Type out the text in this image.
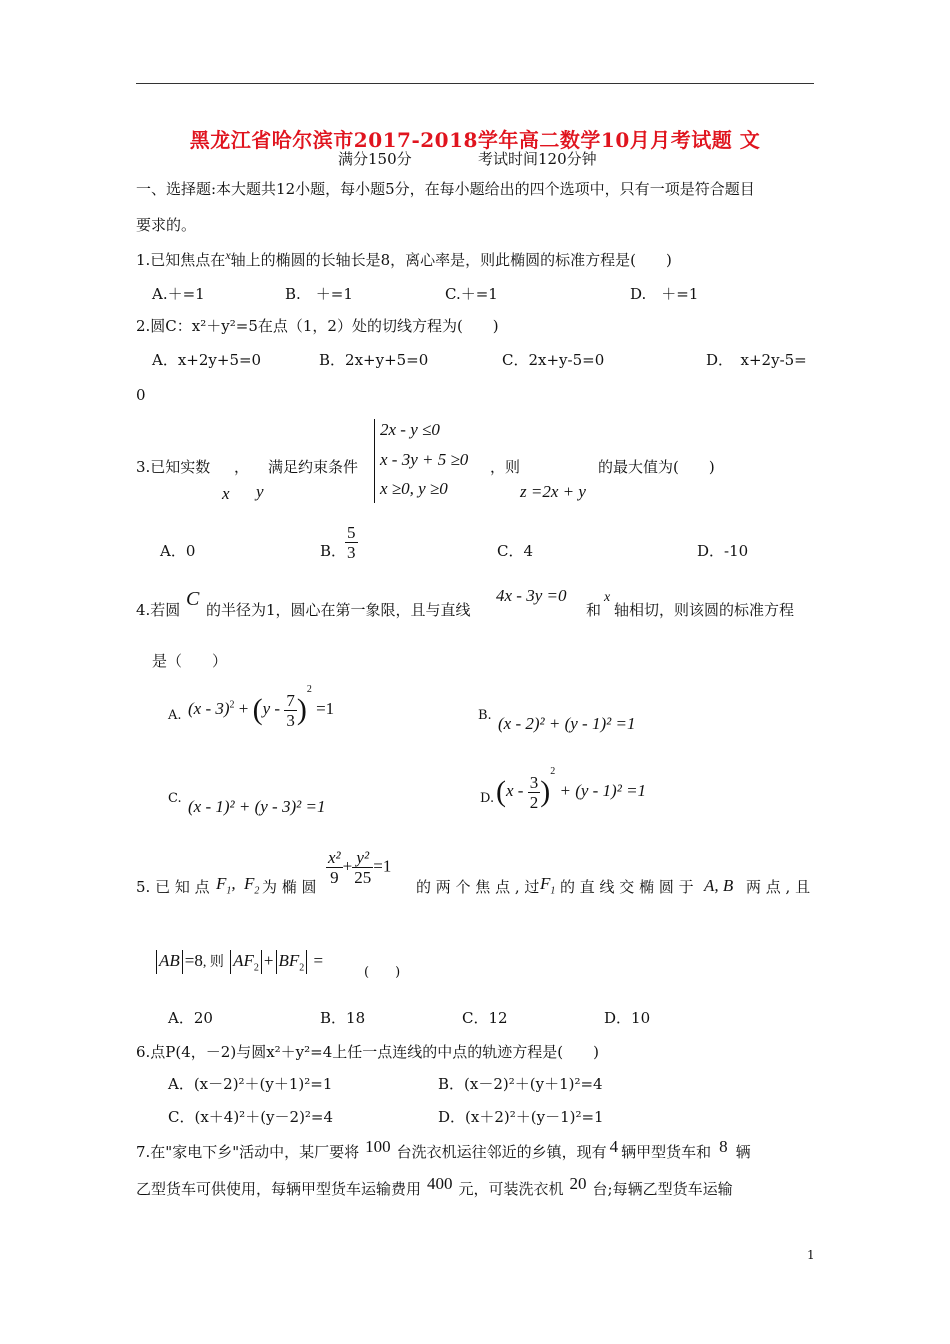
黑龙江省哈尔滨市2017-2018学年高二数学10月月考试题 文
满分150分	考试时间120分钟
一、选择题:本大题共12小题，每小题5分，在每小题给出的四个选项中，只有一项是符合题目
要求的。
1.已知焦点在$^x$轴上的椭圆的长轴长是8，离心率是，则此椭圆的标准方程是(　　)
A.＋=1	B.　＋=1	C.＋=1	D.　＋=1
2.圆C：x²＋y²=5在点（1，2）处的切线方程为(　　)
A．x+2y+5=0	B．2x+y+5=0	C．2x+y-5=0	D．　x+2y-5=
0
3.已知实数 ， 满足约束条件
x y
2x - y ≤0
x - 3y + 5 ≥0
x ≥0, y ≥0
，则	的最大值为(　　)
z =2x + y
A．0	B．
$\frac{5}{3}$	C．4	D．-10
4.若圆 C 的半径为1，圆心在第一象限，且与直线
4x - 3y =0
和
x
轴相切，则该圆的标准方程
是（　　）
A. $(x - 3)^2 + (y - \frac{7}{3} )^2 =1$	B. (x - 2)² + (y - 1)² =1
C. (x - 1)² + (y - 3)² =1	D. $(x - \frac{3}{2} )^2 + (y - 1)^2 =1$
5. 已 知 点 $F_1$, $F_2$ 为 椭 圆 $\frac{\text{x²}}{9} + \frac{\text{y²}}{25} =1$
的 两 个 焦 点 , 过 $F_1$ 的 直 线 交 椭 圆 于 A, B 两 点 , 且
AB =8, 则 $AF_2 + BF_2$ =
(　　)
A．20	B．18	C．12	D．10
6.点P(4，－2)与圆x²＋y²=4上任一点连线的中点的轨迹方程是(　　)
A．(x－2)²＋(y＋1)²=1	B．(x－2)²＋(y＋1)²=4
C．(x＋4)²＋(y－2)²=4	D．(x＋2)²＋(y－1)²=1
7.在"家电下乡"活动中，某厂要将 100 台洗衣机运往邻近的乡镇，现有 4 辆甲型货车和 8 辆
乙型货车可供使用，每辆甲型货车运输费用 400 元，可装洗衣机 20 台;每辆乙型货车运输
1
